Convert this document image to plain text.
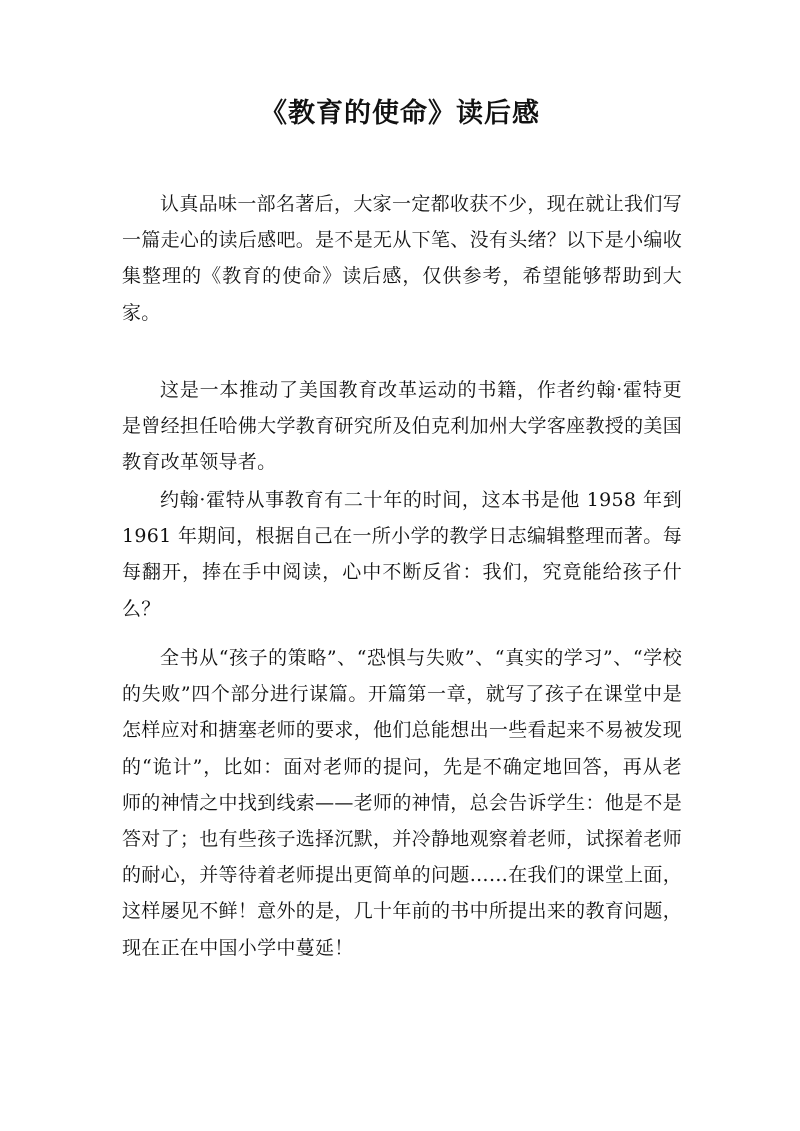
《教育的使命》读后感

认真品味一部名著后，大家一定都收获不少，现在就让我们写一篇走心的读后感吧。是不是无从下笔、没有头绪？以下是小编收集整理的《教育的使命》读后感，仅供参考，希望能够帮助到大家。

这是一本推动了美国教育改革运动的书籍，作者约翰·霍特更是曾经担任哈佛大学教育研究所及伯克利加州大学客座教授的美国教育改革领导者。

约翰·霍特从事教育有二十年的时间，这本书是他 1958 年到 1961 年期间，根据自己在一所小学的教学日志编辑整理而著。每每翻开，捧在手中阅读，心中不断反省：我们，究竟能给孩子什么？

全书从“孩子的策略”、“恐惧与失败”、“真实的学习”、“学校的失败”四个部分进行谋篇。开篇第一章，就写了孩子在课堂中是怎样应对和搪塞老师的要求，他们总能想出一些看起来不易被发现的“诡计”，比如：面对老师的提问，先是不确定地回答，再从老师的神情之中找到线索——老师的神情，总会告诉学生：他是不是答对了；也有些孩子选择沉默，并冷静地观察着老师，试探着老师的耐心，并等待着老师提出更简单的问题……在我们的课堂上面，这样屡见不鲜！意外的是，几十年前的书中所提出来的教育问题，现在正在中国小学中蔓延！
